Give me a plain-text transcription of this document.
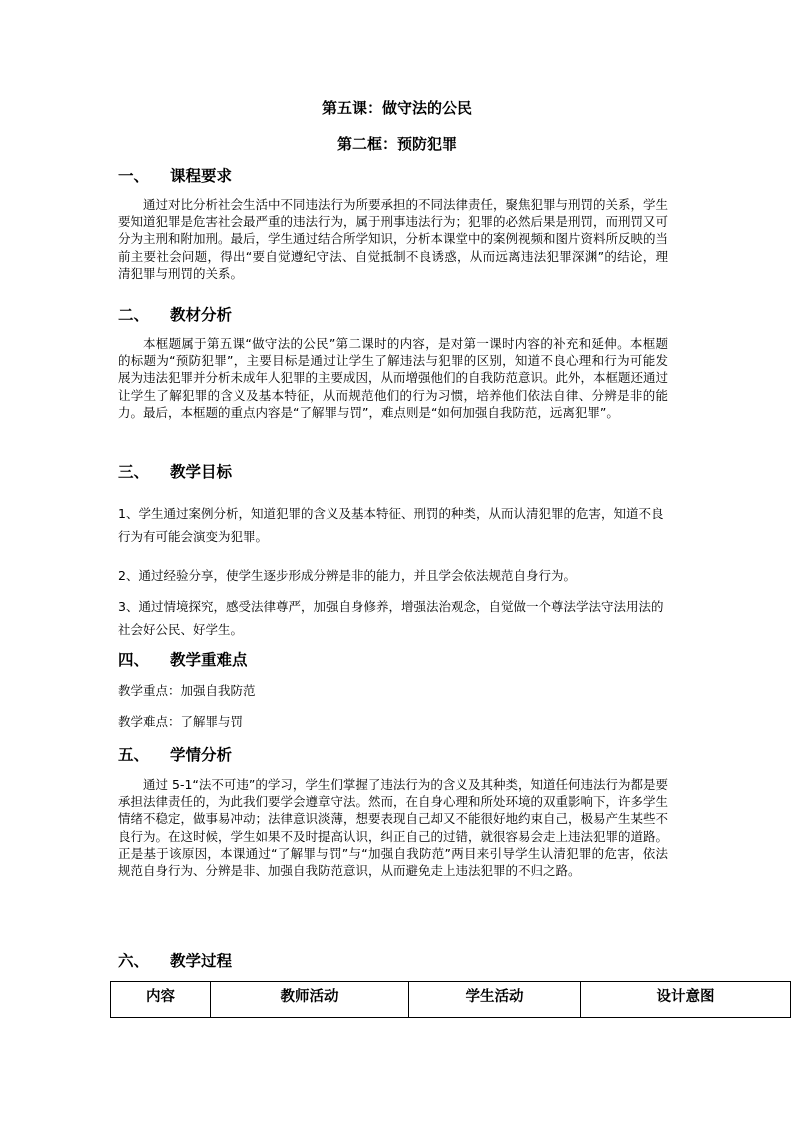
第五课：做守法的公民
第二框：预防犯罪
一、 课程要求
通过对比分析社会生活中不同违法行为所要承担的不同法律责任，聚焦犯罪与刑罚的关系，学生要知道犯罪是危害社会最严重的违法行为，属于刑事违法行为；犯罪的必然后果是刑罚，而刑罚又可分为主刑和附加刑。最后，学生通过结合所学知识，分析本课堂中的案例视频和图片资料所反映的当前主要社会问题，得出“要自觉遵纪守法、自觉抵制不良诱惑，从而远离违法犯罪深渊”的结论，理清犯罪与刑罚的关系。
二、 教材分析
本框题属于第五课“做守法的公民”第二课时的内容，是对第一课时内容的补充和延伸。本框题的标题为“预防犯罪”，主要目标是通过让学生了解违法与犯罪的区别，知道不良心理和行为可能发展为违法犯罪并分析未成年人犯罪的主要成因，从而增强他们的自我防范意识。此外，本框题还通过让学生了解犯罪的含义及基本特征，从而规范他们的行为习惯，培养他们依法自律、分辨是非的能力。最后，本框题的重点内容是“了解罪与罚”，难点则是“如何加强自我防范，远离犯罪”。
三、 教学目标
1、学生通过案例分析，知道犯罪的含义及基本特征、刑罚的种类，从而认清犯罪的危害，知道不良行为有可能会演变为犯罪。
2、通过经验分享，使学生逐步形成分辨是非的能力，并且学会依法规范自身行为。
3、通过情境探究，感受法律尊严，加强自身修养，增强法治观念，自觉做一个尊法学法守法用法的社会好公民、好学生。
四、 教学重难点
教学重点：加强自我防范
教学难点：了解罪与罚
五、 学情分析
通过 5-1“法不可违”的学习，学生们掌握了违法行为的含义及其种类，知道任何违法行为都是要承担法律责任的，为此我们要学会遵章守法。然而，在自身心理和所处环境的双重影响下，许多学生情绪不稳定，做事易冲动；法律意识淡薄，想要表现自己却又不能很好地约束自己，极易产生某些不良行为。在这时候，学生如果不及时提高认识，纠正自己的过错，就很容易会走上违法犯罪的道路。正是基于该原因，本课通过“了解罪与罚”与“加强自我防范”两目来引导学生认清犯罪的危害，依法规范自身行为、分辨是非、加强自我防范意识，从而避免走上违法犯罪的不归之路。
六、 教学过程
内容	教师活动	学生活动	设计意图
